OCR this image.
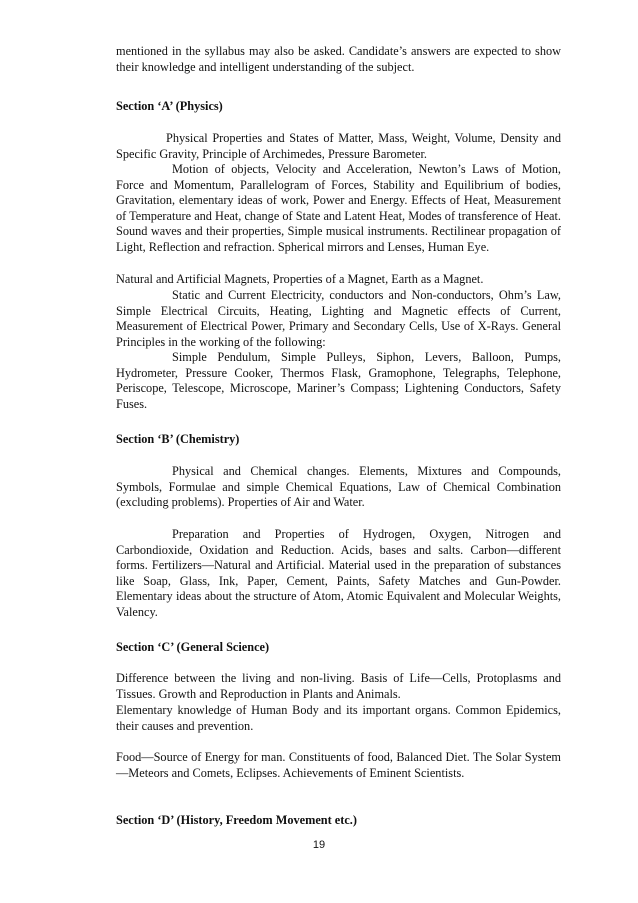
mentioned in the syllabus may also be asked. Candidate’s answers are expected to show their knowledge and intelligent understanding of the subject.

Section ‘A’ (Physics)

Physical Properties and States of Matter, Mass, Weight, Volume, Density and Specific Gravity, Principle of Archimedes, Pressure Barometer.

Motion of objects, Velocity and Acceleration, Newton’s Laws of Motion, Force and Momentum, Parallelogram of Forces, Stability and Equilibrium of bodies, Gravitation, elementary ideas of work, Power and Energy. Effects of Heat, Measurement of Temperature and Heat, change of State and Latent Heat, Modes of transference of Heat. Sound waves and their properties, Simple musical instruments. Rectilinear propagation of Light, Reflection and refraction. Spherical mirrors and Lenses, Human Eye.

Natural and Artificial Magnets, Properties of a Magnet, Earth as a Magnet.

Static and Current Electricity, conductors and Non-conductors, Ohm’s Law, Simple Electrical Circuits, Heating, Lighting and Magnetic effects of Current, Measurement of Electrical Power, Primary and Secondary Cells, Use of X-Rays. General Principles in the working of the following:

Simple Pendulum, Simple Pulleys, Siphon, Levers, Balloon, Pumps, Hydrometer, Pressure Cooker, Thermos Flask, Gramophone, Telegraphs, Telephone, Periscope, Telescope, Microscope, Mariner’s Compass; Lightening Conductors, Safety Fuses.

Section ‘B’ (Chemistry)

Physical and Chemical changes. Elements, Mixtures and Compounds, Symbols, Formulae and simple Chemical Equations, Law of Chemical Combination (excluding problems). Properties of Air and Water.

Preparation and Properties of Hydrogen, Oxygen, Nitrogen and Carbondioxide, Oxidation and Reduction. Acids, bases and salts. Carbon—different forms. Fertilizers—Natural and Artificial. Material used in the preparation of substances like Soap, Glass, Ink, Paper, Cement, Paints, Safety Matches and Gun-Powder. Elementary ideas about the structure of Atom, Atomic Equivalent and Molecular Weights, Valency.

Section ‘C’ (General Science)

Difference between the living and non-living. Basis of Life—Cells, Protoplasms and Tissues. Growth and Reproduction in Plants and Animals.

Elementary knowledge of Human Body and its important organs. Common Epidemics, their causes and prevention.

Food—Source of Energy for man. Constituents of food, Balanced Diet. The Solar System—Meteors and Comets, Eclipses. Achievements of Eminent Scientists.

Section ‘D’ (History, Freedom Movement etc.)

19
